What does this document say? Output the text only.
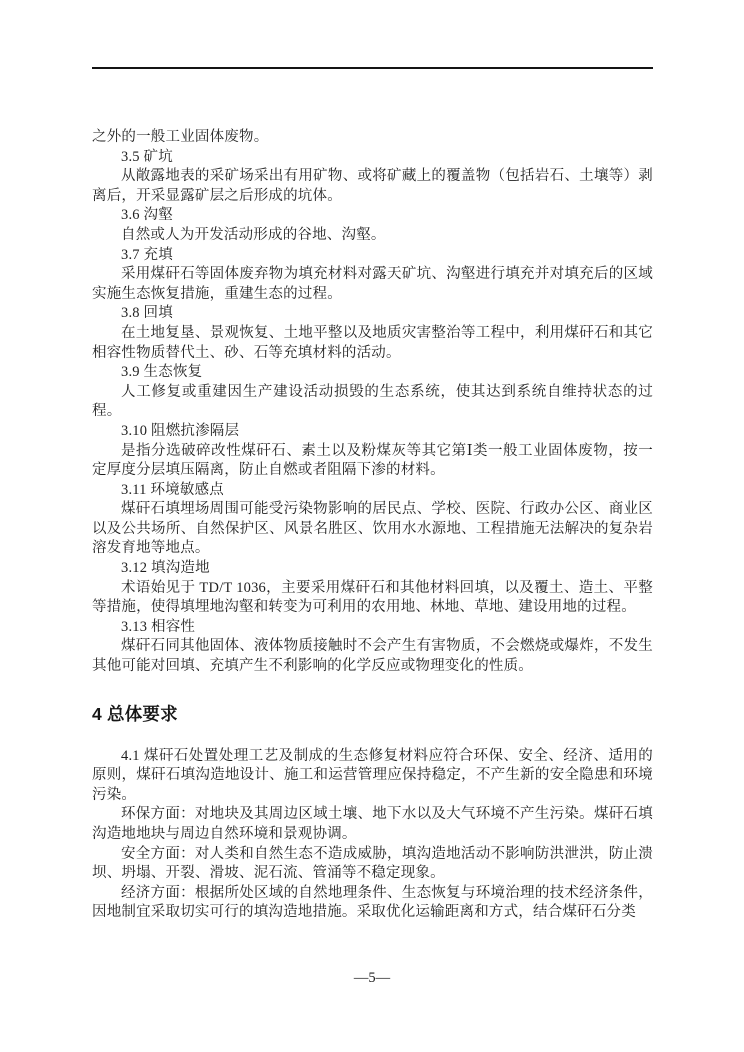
之外的一般工业固体废物。

3.5 矿坑

从敞露地表的采矿场采出有用矿物、或将矿藏上的覆盖物（包括岩石、土壤等）剥离后，开采显露矿层之后形成的坑体。

3.6 沟壑

自然或人为开发活动形成的谷地、沟壑。

3.7 充填

采用煤矸石等固体废弃物为填充材料对露天矿坑、沟壑进行填充并对填充后的区域实施生态恢复措施，重建生态的过程。

3.8 回填

在土地复垦、景观恢复、土地平整以及地质灾害整治等工程中，利用煤矸石和其它相容性物质替代土、砂、石等充填材料的活动。

3.9 生态恢复

人工修复或重建因生产建设活动损毁的生态系统，使其达到系统自维持状态的过程。

3.10 阻燃抗渗隔层

是指分选破碎改性煤矸石、素土以及粉煤灰等其它第Ⅰ类一般工业固体废物，按一定厚度分层填压隔离，防止自燃或者阻隔下渗的材料。

3.11 环境敏感点

煤矸石填埋场周围可能受污染物影响的居民点、学校、医院、行政办公区、商业区以及公共场所、自然保护区、风景名胜区、饮用水水源地、工程措施无法解决的复杂岩溶发育地等地点。

3.12 填沟造地

术语始见于 TD/T 1036，主要采用煤矸石和其他材料回填，以及覆土、造土、平整等措施，使得填埋地沟壑和转变为可利用的农用地、林地、草地、建设用地的过程。

3.13 相容性

煤矸石同其他固体、液体物质接触时不会产生有害物质，不会燃烧或爆炸，不发生其他可能对回填、充填产生不利影响的化学反应或物理变化的性质。

4 总体要求

4.1 煤矸石处置处理工艺及制成的生态修复材料应符合环保、安全、经济、适用的原则，煤矸石填沟造地设计、施工和运营管理应保持稳定，不产生新的安全隐患和环境污染。

环保方面：对地块及其周边区域土壤、地下水以及大气环境不产生污染。煤矸石填沟造地地块与周边自然环境和景观协调。

安全方面：对人类和自然生态不造成威胁，填沟造地活动不影响防洪泄洪，防止溃坝、坍塌、开裂、滑坡、泥石流、管涌等不稳定现象。

经济方面：根据所处区域的自然地理条件、生态恢复与环境治理的技术经济条件，因地制宜采取切实可行的填沟造地措施。采取优化运输距离和方式，结合煤矸石分类

—5—
